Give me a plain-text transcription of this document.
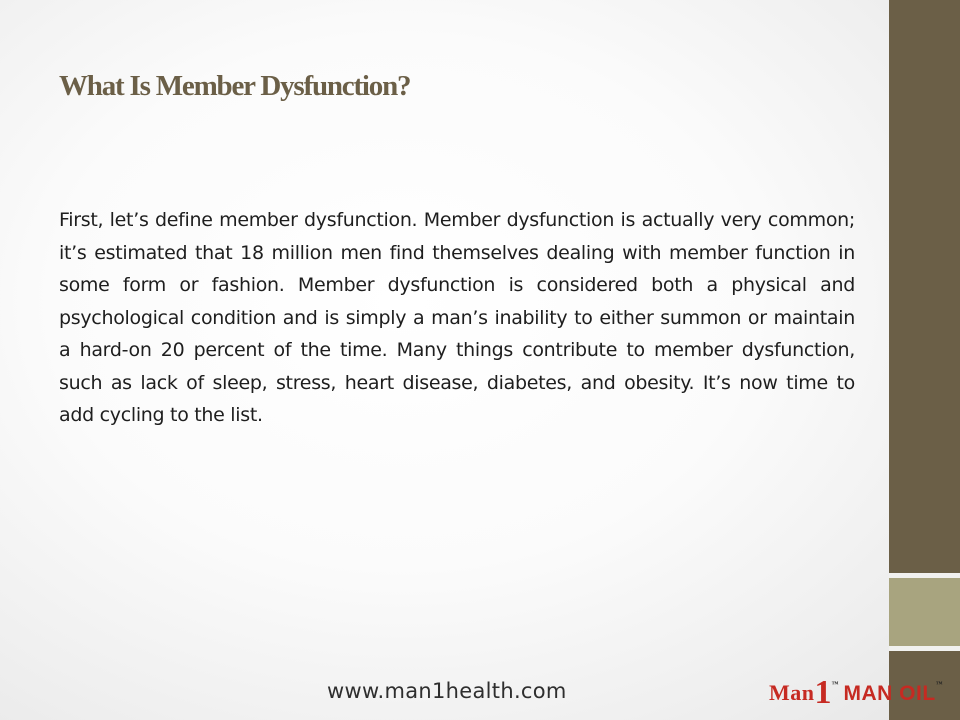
What Is Member Dysfunction?

First, let’s define member dysfunction. Member dysfunction is actually very common; it’s estimated that 18 million men find themselves dealing with member function in some form or fashion. Member dysfunction is considered both a physical and psychological condition and is simply a man’s inability to either summon or maintain a hard-on 20 percent of the time. Many things contribute to member dysfunction, such as lack of sleep, stress, heart disease, diabetes, and obesity. It’s now time to add cycling to the list.

www.man1health.com	Man1™ MAN OIL™
